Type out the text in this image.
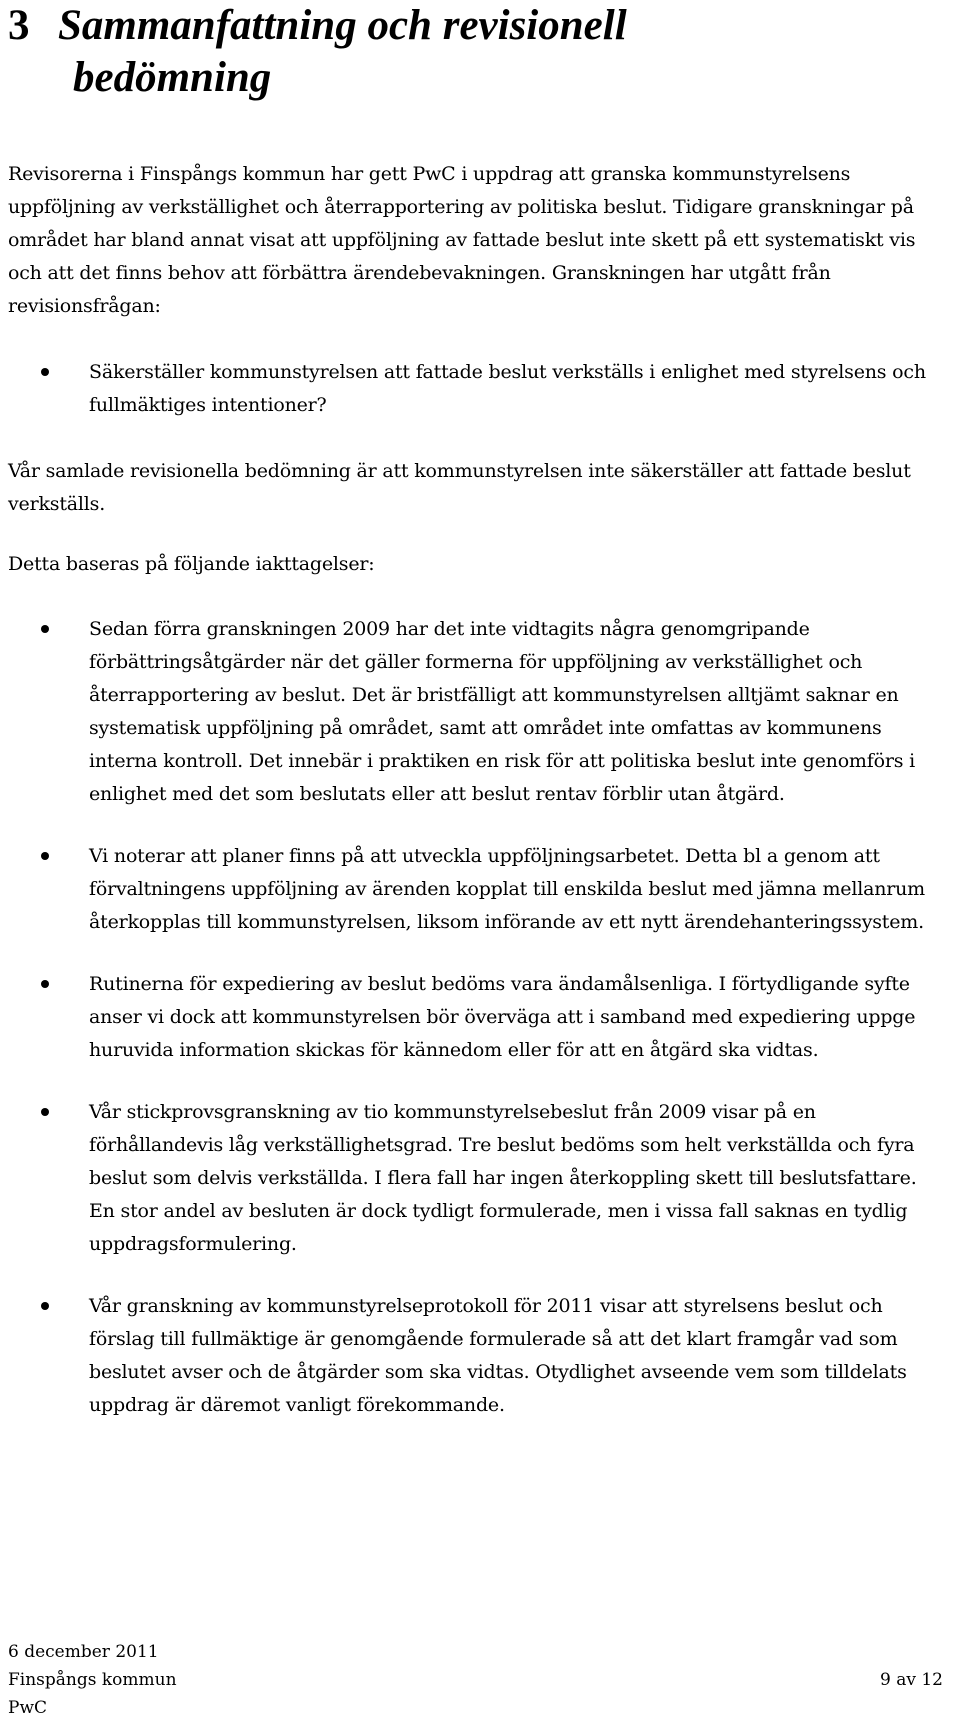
3 Sammanfattning och revisionell
bedömning

Revisorerna i Finspångs kommun har gett PwC i uppdrag att granska kommunstyrelsens uppföljning av verkställighet och återrapportering av politiska beslut. Tidigare granskningar på området har bland annat visat att uppföljning av fattade beslut inte skett på ett systematiskt vis och att det finns behov att förbättra ärendebevakningen. Granskningen har utgått från revisionsfrågan:

Säkerställer kommunstyrelsen att fattade beslut verkställs i enlighet med styrelsens och fullmäktiges intentioner?

Vår samlade revisionella bedömning är att kommunstyrelsen inte säkerställer att fattade beslut verkställs.

Detta baseras på följande iakttagelser:

Sedan förra granskningen 2009 har det inte vidtagits några genomgripande förbättringsåtgärder när det gäller formerna för uppföljning av verkställighet och återrapportering av beslut. Det är bristfälligt att kommunstyrelsen alltjämt saknar en systematisk uppföljning på området, samt att området inte omfattas av kommunens interna kontroll. Det innebär i praktiken en risk för att politiska beslut inte genomförs i enlighet med det som beslutats eller att beslut rentav förblir utan åtgärd.
Vi noterar att planer finns på att utveckla uppföljningsarbetet. Detta bl a genom att förvaltningens uppföljning av ärenden kopplat till enskilda beslut med jämna mellanrum återkopplas till kommunstyrelsen, liksom införande av ett nytt ärendehanteringssystem.
Rutinerna för expediering av beslut bedöms vara ändamålsenliga. I förtydligande syfte anser vi dock att kommunstyrelsen bör överväga att i samband med expediering uppge huruvida information skickas för kännedom eller för att en åtgärd ska vidtas.
Vår stickprovsgranskning av tio kommunstyrelsebeslut från 2009 visar på en förhållandevis låg verkställighetsgrad. Tre beslut bedöms som helt verkställda och fyra beslut som delvis verkställda. I flera fall har ingen återkoppling skett till beslutsfattare. En stor andel av besluten är dock tydligt formulerade, men i vissa fall saknas en tydlig uppdragsformulering.
Vår granskning av kommunstyrelseprotokoll för 2011 visar att styrelsens beslut och förslag till fullmäktige är genomgående formulerade så att det klart framgår vad som beslutet avser och de åtgärder som ska vidtas. Otydlighet avseende vem som tilldelats uppdrag är däremot vanligt förekommande.
6 december 2011
Finspångs kommun	9 av 12
PwC
